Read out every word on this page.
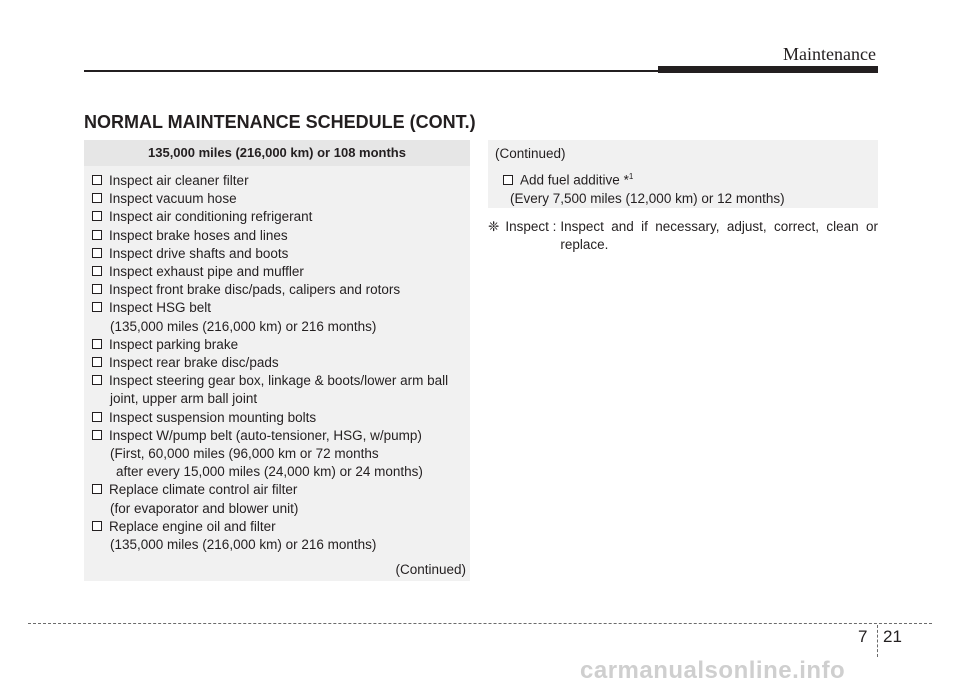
Maintenance
NORMAL MAINTENANCE SCHEDULE (CONT.)
135,000 miles (216,000 km) or 108 months
Inspect air cleaner filter
Inspect vacuum hose
Inspect air conditioning refrigerant
Inspect brake hoses and lines
Inspect drive shafts and boots
Inspect exhaust pipe and muffler
Inspect front brake disc/pads, calipers and rotors
Inspect HSG belt
(135,000 miles (216,000 km) or 216 months)
Inspect parking brake
Inspect rear brake disc/pads
Inspect steering gear box, linkage & boots/lower arm ball
joint, upper arm ball joint
Inspect suspension mounting bolts
Inspect W/pump belt (auto-tensioner, HSG, w/pump)
(First, 60,000 miles (96,000 km or 72 months
after every 15,000 miles (24,000 km) or 24 months)
Replace climate control air filter
(for evaporator and blower unit)
Replace engine oil and filter
(135,000 miles (216,000 km) or 216 months)
(Continued)
(Continued)
Add fuel additive *$^1$
(Every 7,500 miles (12,000 km) or 12 months)
❈ Inspect : Inspect and if necessary, adjust, correct, clean or replace.
7 21
carmanualsonline.info
